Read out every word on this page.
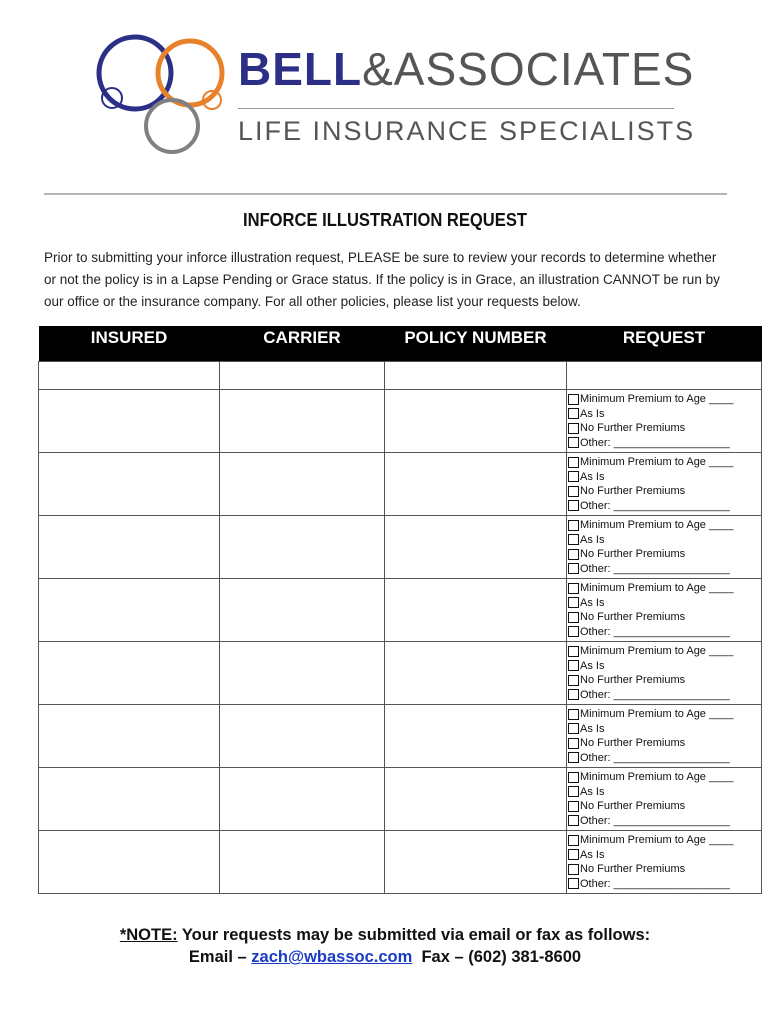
BELL&ASSOCIATES
LIFE INSURANCE SPECIALISTS
INFORCE ILLUSTRATION REQUEST
Prior to submitting your inforce illustration request, PLEASE be sure to review your records to determine whether or not the policy is in a Lapse Pending or Grace status. If the policy is in Grace, an illustration CANNOT be run by our office or the insurance company. For all other policies, please list your requests below.
INSURED	CARRIER	POLICY NUMBER	REQUEST

			Minimum Premium to Age ____
As Is
No Further Premiums
Other: ___________________

			Minimum Premium to Age ____
As Is
No Further Premiums
Other: ___________________

			Minimum Premium to Age ____
As Is
No Further Premiums
Other: ___________________

			Minimum Premium to Age ____
As Is
No Further Premiums
Other: ___________________

			Minimum Premium to Age ____
As Is
No Further Premiums
Other: ___________________

			Minimum Premium to Age ____
As Is
No Further Premiums
Other: ___________________

			Minimum Premium to Age ____
As Is
No Further Premiums
Other: ___________________

			Minimum Premium to Age ____
As Is
No Further Premiums
Other: ___________________
*NOTE: Your requests may be submitted via email or fax as follows:
Email – zach@wbassoc.com  Fax – (602) 381-8600
